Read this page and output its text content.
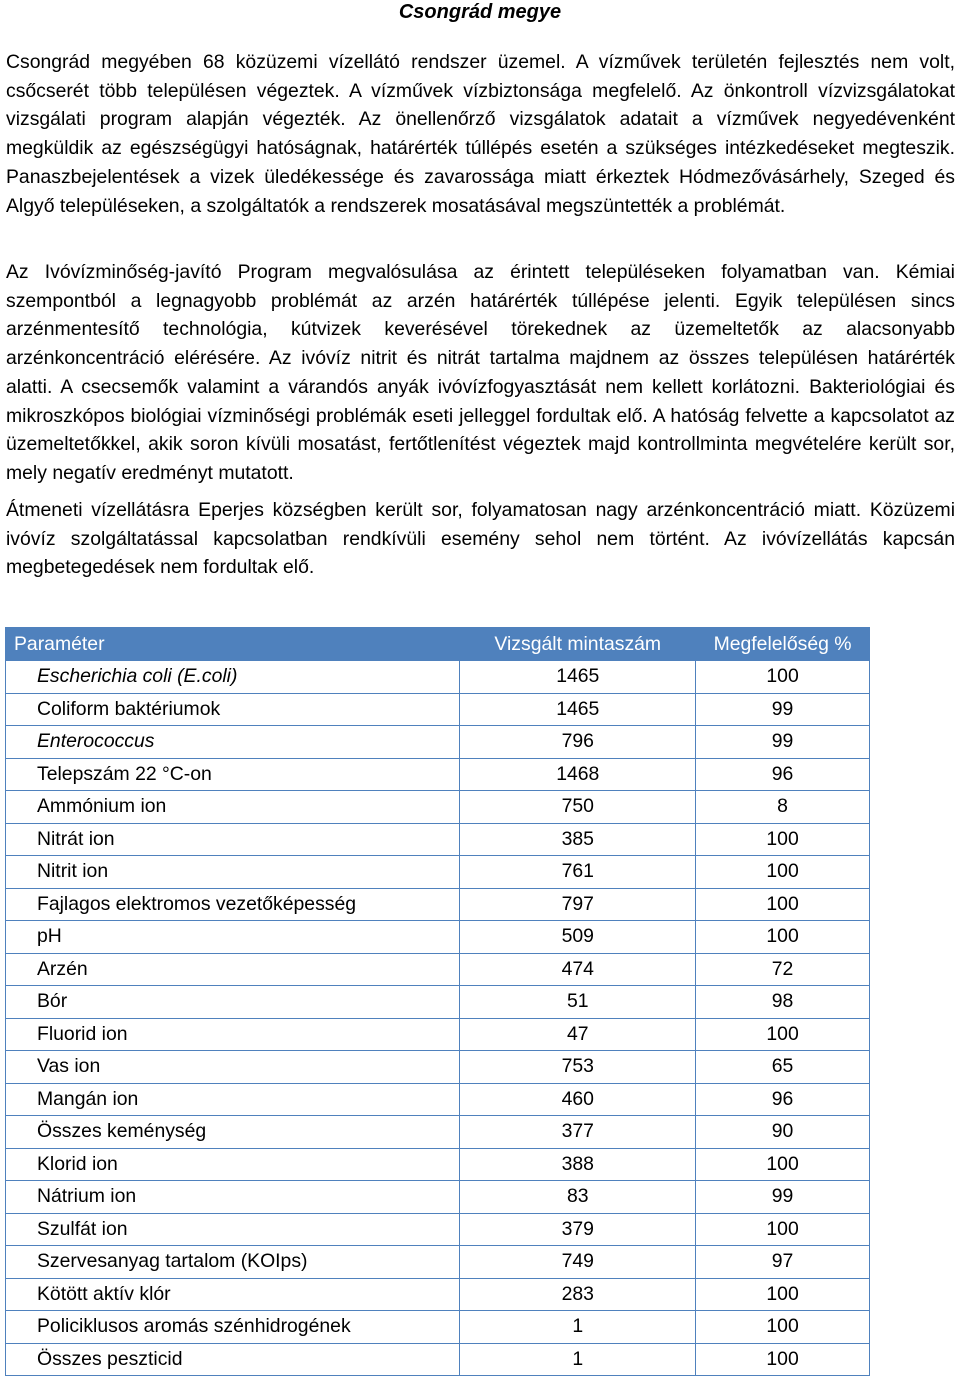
Csongrád megye

Csongrád megyében 68 közüzemi vízellátó rendszer üzemel. A vízművek területén fejlesztés nem volt, csőcserét több településen végeztek. A vízművek vízbiztonsága megfelelő. Az önkontroll vízvizsgálatokat vizsgálati program alapján végezték. Az önellenőrző vizsgálatok adatait a vízművek negyedévenként megküldik az egészségügyi hatóságnak, határérték túllépés esetén a szükséges intézkedéseket megteszik. Panaszbejelentések a vizek üledékessége és zavarossága miatt érkeztek Hódmezővásárhely, Szeged és Algyő településeken, a szolgáltatók a rendszerek mosatásával megszüntették a problémát.

Az Ivóvízminőség-javító Program megvalósulása az érintett településeken folyamatban van. Kémiai szempontból a legnagyobb problémát az arzén határérték túllépése jelenti. Egyik településen sincs arzénmentesítő technológia, kútvizek keverésével törekednek az üzemeltetők az alacsonyabb arzénkoncentráció elérésére. Az ivóvíz nitrit és nitrát tartalma majdnem az összes településen határérték alatti. A csecsemők valamint a várandós anyák ivóvízfogyasztását nem kellett korlátozni. Bakteriológiai és mikroszkópos biológiai vízminőségi problémák eseti jelleggel fordultak elő. A hatóság felvette a kapcsolatot az üzemeltetőkkel, akik soron kívüli mosatást, fertőtlenítést végeztek majd kontrollminta megvételére került sor, mely negatív eredményt mutatott.

Átmeneti vízellátásra Eperjes községben került sor, folyamatosan nagy arzénkoncentráció miatt. Közüzemi ivóvíz szolgáltatással kapcsolatban rendkívüli esemény sehol nem történt. Az ivóvízellátás kapcsán megbetegedések nem fordultak elő.

Paraméter	Vizsgált mintaszám	Megfelelőség %
Escherichia coli (E.coli)	1465	100
Coliform baktériumok	1465	99
Enterococcus	796	99
Telepszám 22 °C-on	1468	96
Ammónium ion	750	8
Nitrát ion	385	100
Nitrit ion	761	100
Fajlagos elektromos vezetőképesség	797	100
pH	509	100
Arzén	474	72
Bór	51	98
Fluorid ion	47	100
Vas ion	753	65
Mangán ion	460	96
Összes keménység	377	90
Klorid ion	388	100
Nátrium ion	83	99
Szulfát ion	379	100
Szervesanyag tartalom (KOIps)	749	97
Kötött aktív klór	283	100
Policiklusos aromás szénhidrogének	1	100
Összes peszticid	1	100
